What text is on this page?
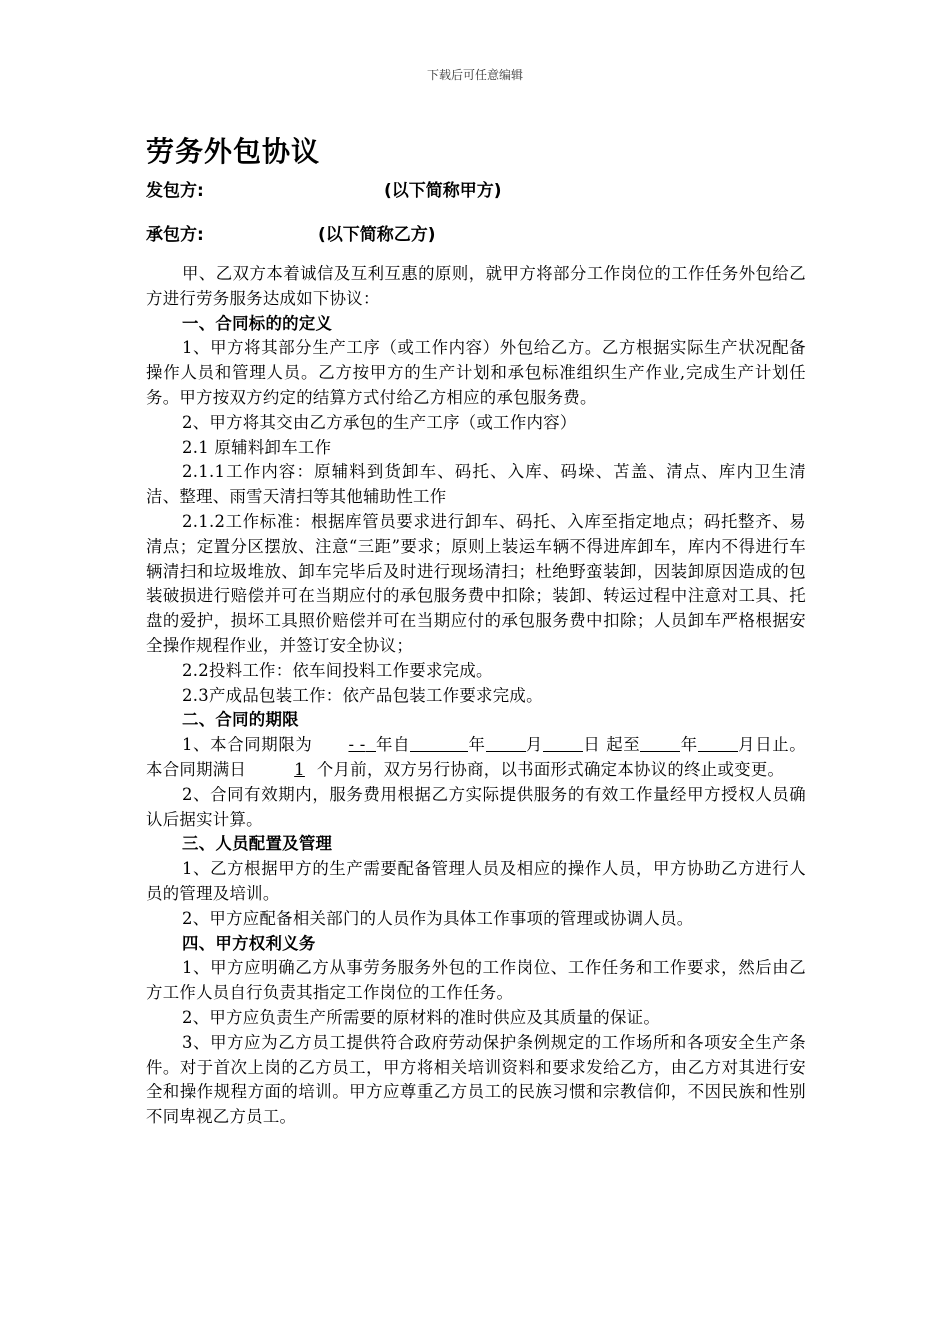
下载后可任意编辑
劳务外包协议
发包方:	(以下简称甲方)
承包方:	(以下简称乙方)

甲、乙双方本着诚信及互利互惠的原则，就甲方将部分工作岗位的工作任务外包给乙方进行劳务服务达成如下协议：

一、合同标的的定义

1、甲方将其部分生产工序（或工作内容）外包给乙方。乙方根据实际生产状况配备操作人员和管理人员。乙方按甲方的生产计划和承包标准组织生产作业,完成生产计划任务。甲方按双方约定的结算方式付给乙方相应的承包服务费。

2、甲方将其交由乙方承包的生产工序（或工作内容）

2.1 原辅料卸车工作

2.1.1工作内容：原辅料到货卸车、码托、入库、码垛、苫盖、清点、库内卫生清洁、整理、雨雪天清扫等其他辅助性工作

2.1.2工作标准：根据库管员要求进行卸车、码托、入库至指定地点；码托整齐、易清点；定置分区摆放、注意“三距”要求；原则上装运车辆不得进库卸车，库内不得进行车辆清扫和垃圾堆放、卸车完毕后及时进行现场清扫；杜绝野蛮装卸，因装卸原因造成的包装破损进行赔偿并可在当期应付的承包服务费中扣除；装卸、转运过程中注意对工具、托盘的爱护，损坏工具照价赔偿并可在当期应付的承包服务费中扣除；人员卸车严格根据安全操作规程作业，并签订安全协议；

2.2投料工作：依车间投料工作要求完成。

2.3产成品包装工作：依产品包装工作要求完成。

二、合同的期限

1、本合同期限为 - - 年自	年 月 日 起至 年 月日止。本合同期满日	1 个月前，双方另行协商，以书面形式确定本协议的终止或变更。

2、合同有效期内，服务费用根据乙方实际提供服务的有效工作量经甲方授权人员确认后据实计算。

三、人员配置及管理

1、乙方根据甲方的生产需要配备管理人员及相应的操作人员，甲方协助乙方进行人员的管理及培训。

2、甲方应配备相关部门的人员作为具体工作事项的管理或协调人员。

四、甲方权利义务

1、甲方应明确乙方从事劳务服务外包的工作岗位、工作任务和工作要求，然后由乙方工作人员自行负责其指定工作岗位的工作任务。

2、甲方应负责生产所需要的原材料的准时供应及其质量的保证。

3、甲方应为乙方员工提供符合政府劳动保护条例规定的工作场所和各项安全生产条件。对于首次上岗的乙方员工，甲方将相关培训资料和要求发给乙方，由乙方对其进行安全和操作规程方面的培训。甲方应尊重乙方员工的民族习惯和宗教信仰，不因民族和性别不同卑视乙方员工。
